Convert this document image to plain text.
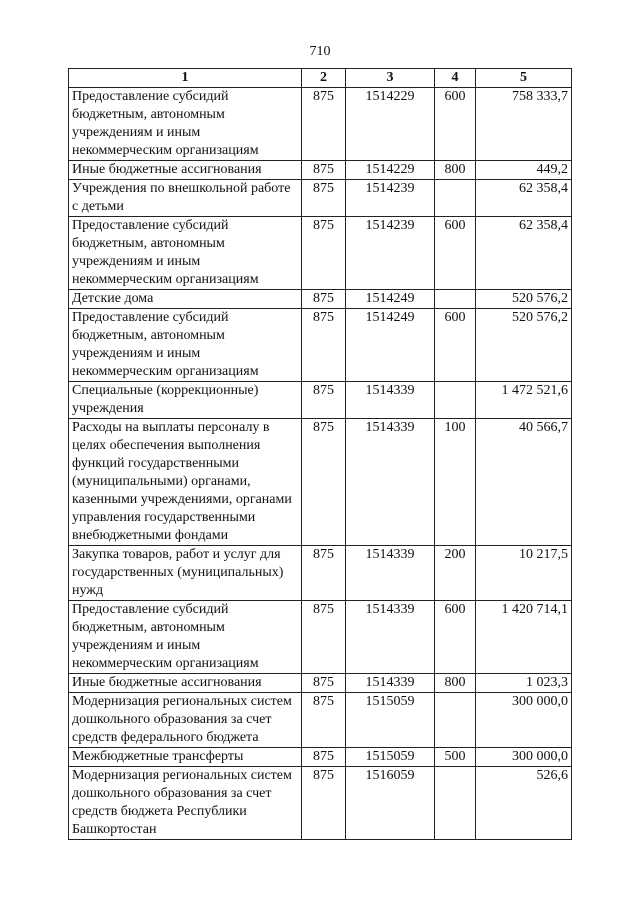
710
1	2	3	4	5
Предоставление субсидий бюджетным, автономным учреждениям и иным некоммерческим организациям	875	1514229	600	758 333,7
Иные бюджетные ассигнования	875	1514229	800	449,2
Учреждения по внешкольной работе с детьми	875	1514239		62 358,4
Предоставление субсидий бюджетным, автономным учреждениям и иным некоммерческим организациям	875	1514239	600	62 358,4
Детские дома	875	1514249		520 576,2
Предоставление субсидий бюджетным, автономным учреждениям и иным некоммерческим организациям	875	1514249	600	520 576,2
Специальные (коррекционные) учреждения	875	1514339		1 472 521,6
Расходы на выплаты персоналу в целях обеспечения выполнения функций государственными (муниципальными) органами, казенными учреждениями, органами управления государственными внебюджетными фондами	875	1514339	100	40 566,7
Закупка товаров, работ и услуг для государственных (муниципальных) нужд	875	1514339	200	10 217,5
Предоставление субсидий бюджетным, автономным учреждениям и иным некоммерческим организациям	875	1514339	600	1 420 714,1
Иные бюджетные ассигнования	875	1514339	800	1 023,3
Модернизация региональных систем дошкольного образования за счет средств федерального бюджета	875	1515059		300 000,0
Межбюджетные трансферты	875	1515059	500	300 000,0
Модернизация региональных систем дошкольного образования за счет средств бюджета Республики Башкортостан	875	1516059		526,6
